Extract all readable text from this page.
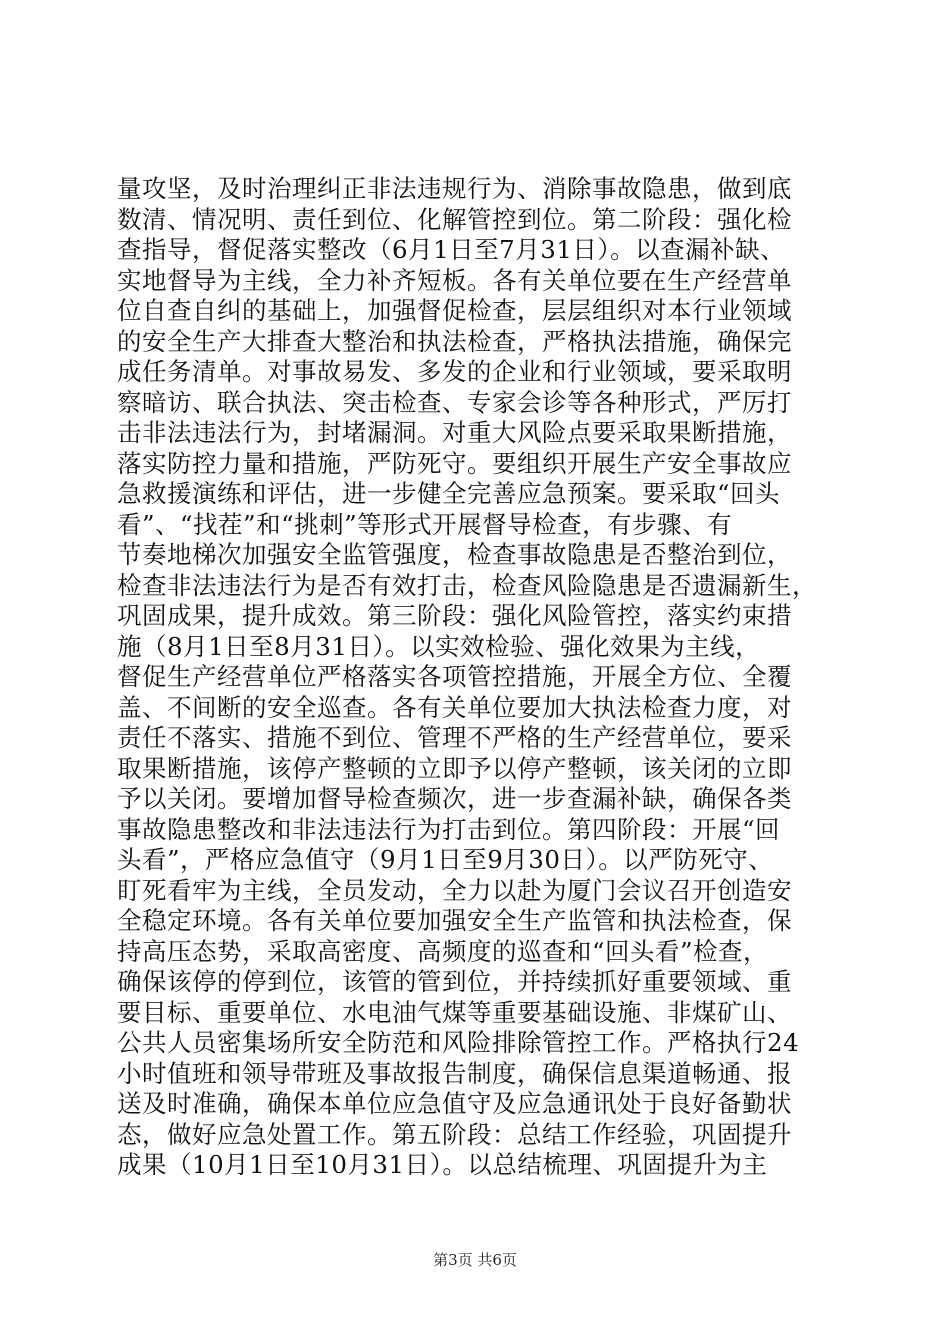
量攻坚，及时治理纠正非法违规行为、消除事故隐患，做到底
数清、情况明、责任到位、化解管控到位。第二阶段：强化检
查指导，督促落实整改（6月1日至7月31日）。以查漏补缺、
实地督导为主线，全力补齐短板。各有关单位要在生产经营单
位自查自纠的基础上，加强督促检查，层层组织对本行业领域
的安全生产大排查大整治和执法检查，严格执法措施，确保完
成任务清单。对事故易发、多发的企业和行业领域，要采取明
察暗访、联合执法、突击检查、专家会诊等各种形式，严厉打
击非法违法行为，封堵漏洞。对重大风险点要采取果断措施，
落实防控力量和措施，严防死守。要组织开展生产安全事故应
急救援演练和评估，进一步健全完善应急预案。要采取“回头
看”、“找茬”和“挑刺”等形式开展督导检查，有步骤、有
节奏地梯次加强安全监管强度，检查事故隐患是否整治到位，
检查非法违法行为是否有效打击，检查风险隐患是否遗漏新生，
巩固成果，提升成效。第三阶段：强化风险管控，落实约束措
施（8月1日至8月31日）。以实效检验、强化效果为主线，
督促生产经营单位严格落实各项管控措施，开展全方位、全覆
盖、不间断的安全巡查。各有关单位要加大执法检查力度，对
责任不落实、措施不到位、管理不严格的生产经营单位，要采
取果断措施，该停产整顿的立即予以停产整顿，该关闭的立即
予以关闭。要增加督导检查频次，进一步查漏补缺，确保各类
事故隐患整改和非法违法行为打击到位。第四阶段：开展“回
头看”，严格应急值守（9月1日至9月30日）。以严防死守、
盯死看牢为主线，全员发动，全力以赴为厦门会议召开创造安
全稳定环境。各有关单位要加强安全生产监管和执法检查，保
持高压态势，采取高密度、高频度的巡查和“回头看”检查，
确保该停的停到位，该管的管到位，并持续抓好重要领域、重
要目标、重要单位、水电油气煤等重要基础设施、非煤矿山、
公共人员密集场所安全防范和风险排除管控工作。严格执行24
小时值班和领导带班及事故报告制度，确保信息渠道畅通、报
送及时准确，确保本单位应急值守及应急通讯处于良好备勤状
态，做好应急处置工作。第五阶段：总结工作经验，巩固提升
成果（10月1日至10月31日）。以总结梳理、巩固提升为主
第3页 共6页
